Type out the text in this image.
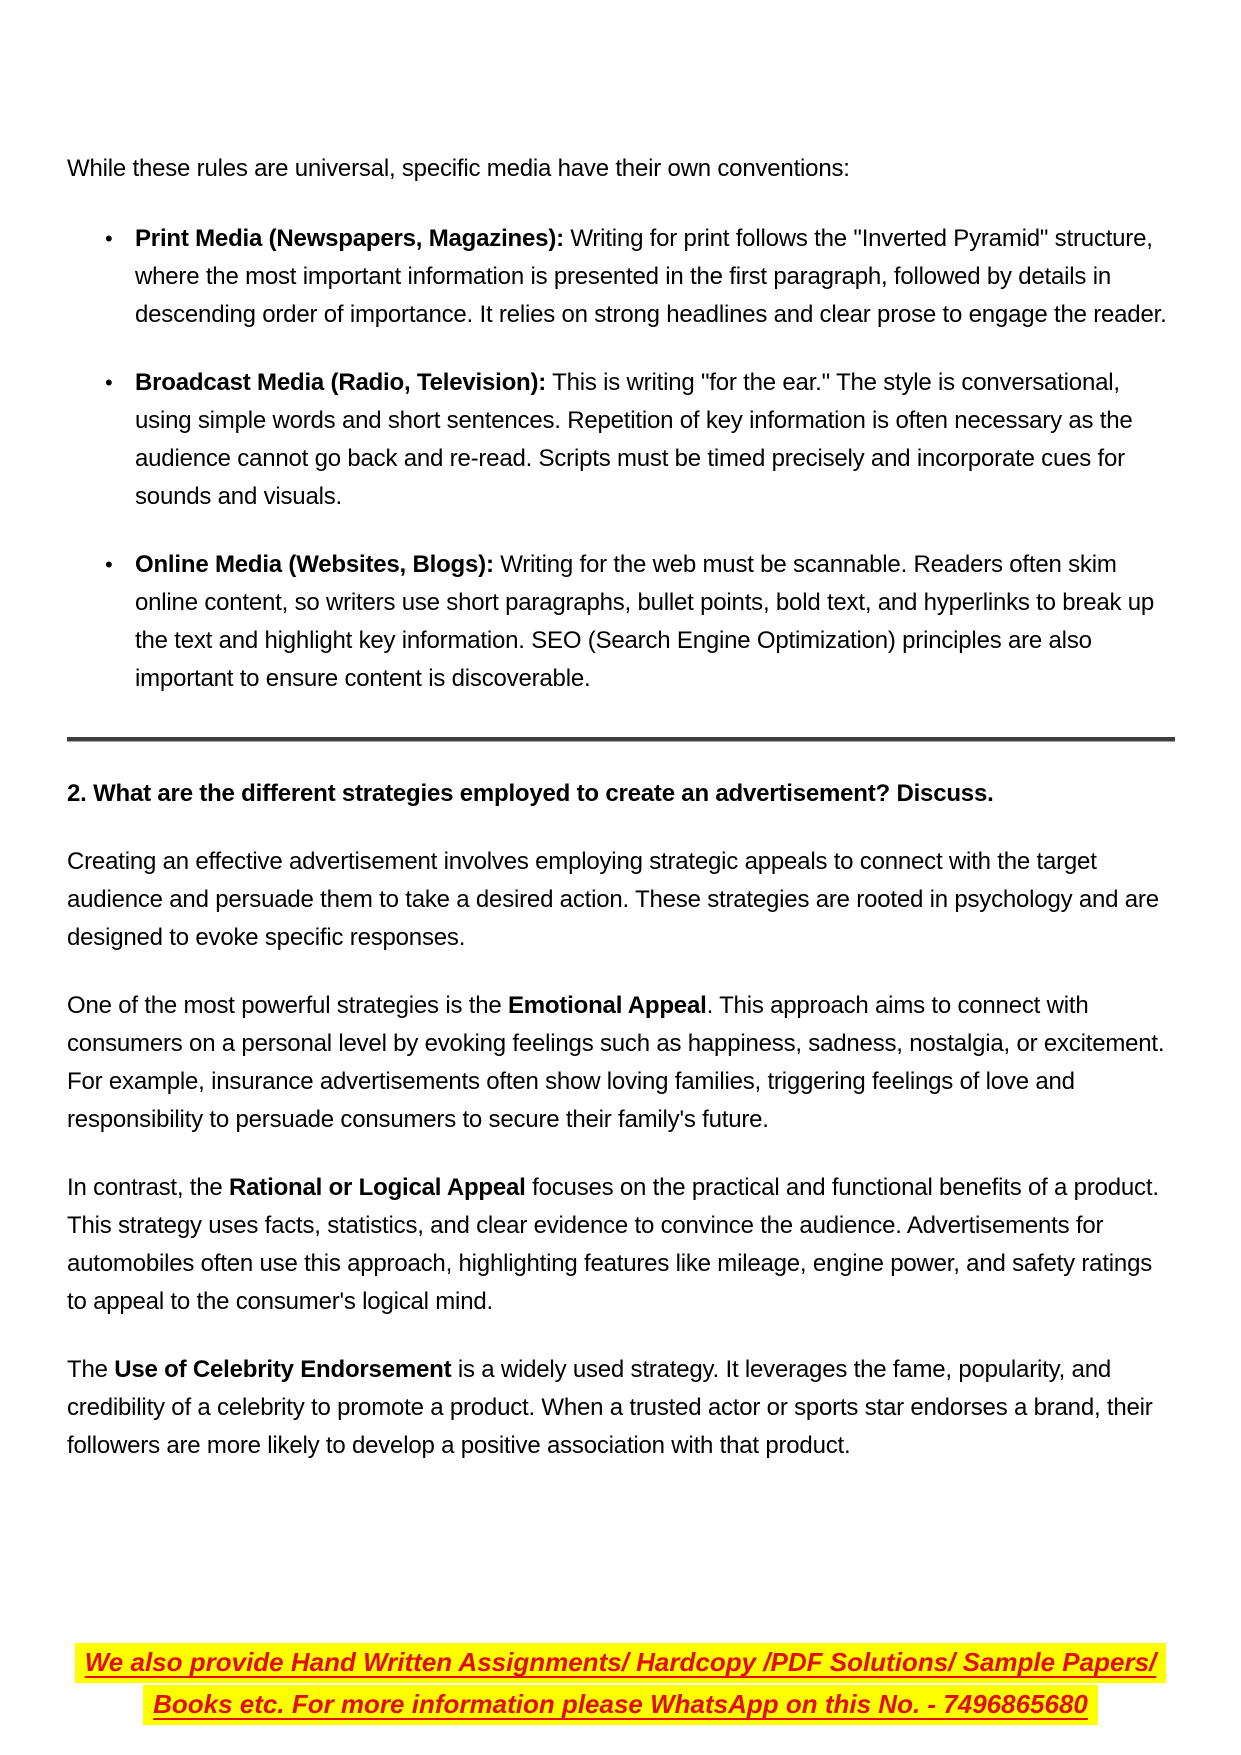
While these rules are universal, specific media have their own conventions:

• Print Media (Newspapers, Magazines): Writing for print follows the "Inverted Pyramid" structure, where the most important information is presented in the first paragraph, followed by details in descending order of importance. It relies on strong headlines and clear prose to engage the reader.
• Broadcast Media (Radio, Television): This is writing "for the ear." The style is conversational, using simple words and short sentences. Repetition of key information is often necessary as the audience cannot go back and re-read. Scripts must be timed precisely and incorporate cues for sounds and visuals.
• Online Media (Websites, Blogs): Writing for the web must be scannable. Readers often skim online content, so writers use short paragraphs, bullet points, bold text, and hyperlinks to break up the text and highlight key information. SEO (Search Engine Optimization) principles are also important to ensure content is discoverable.
2. What are the different strategies employed to create an advertisement? Discuss.

Creating an effective advertisement involves employing strategic appeals to connect with the target audience and persuade them to take a desired action. These strategies are rooted in psychology and are designed to evoke specific responses.

One of the most powerful strategies is the Emotional Appeal. This approach aims to connect with consumers on a personal level by evoking feelings such as happiness, sadness, nostalgia, or excitement. For example, insurance advertisements often show loving families, triggering feelings of love and responsibility to persuade consumers to secure their family's future.

In contrast, the Rational or Logical Appeal focuses on the practical and functional benefits of a product. This strategy uses facts, statistics, and clear evidence to convince the audience. Advertisements for automobiles often use this approach, highlighting features like mileage, engine power, and safety ratings to appeal to the consumer's logical mind.

The Use of Celebrity Endorsement is a widely used strategy. It leverages the fame, popularity, and credibility of a celebrity to promote a product. When a trusted actor or sports star endorses a brand, their followers are more likely to develop a positive association with that product.

We also provide Hand Written Assignments/ Hardcopy /PDF Solutions/ Sample Papers/
Books etc. For more information please WhatsApp on this No. - 7496865680
